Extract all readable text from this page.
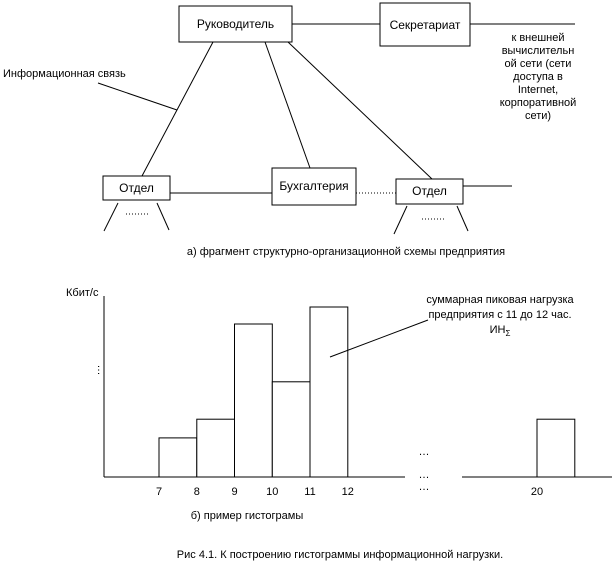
Руководитель	Секретариат
Отдел	Бухгалтерия	Отдел
Информационная связь
к внешней
вычислительн
ой сети (сети
доступа в
Internet,
корпоративной
сети)
а) фрагмент структурно-организационной схемы предприятия
Кбит/с
…
7	8	9	10 11 12	20
…
…
…
суммарная пиковая нагрузка
предприятия с 11 до 12 час.
$ИН_\Sigma$
б) пример гистограмы
Рис 4.1. К построению гистограммы информационной нагрузки.
